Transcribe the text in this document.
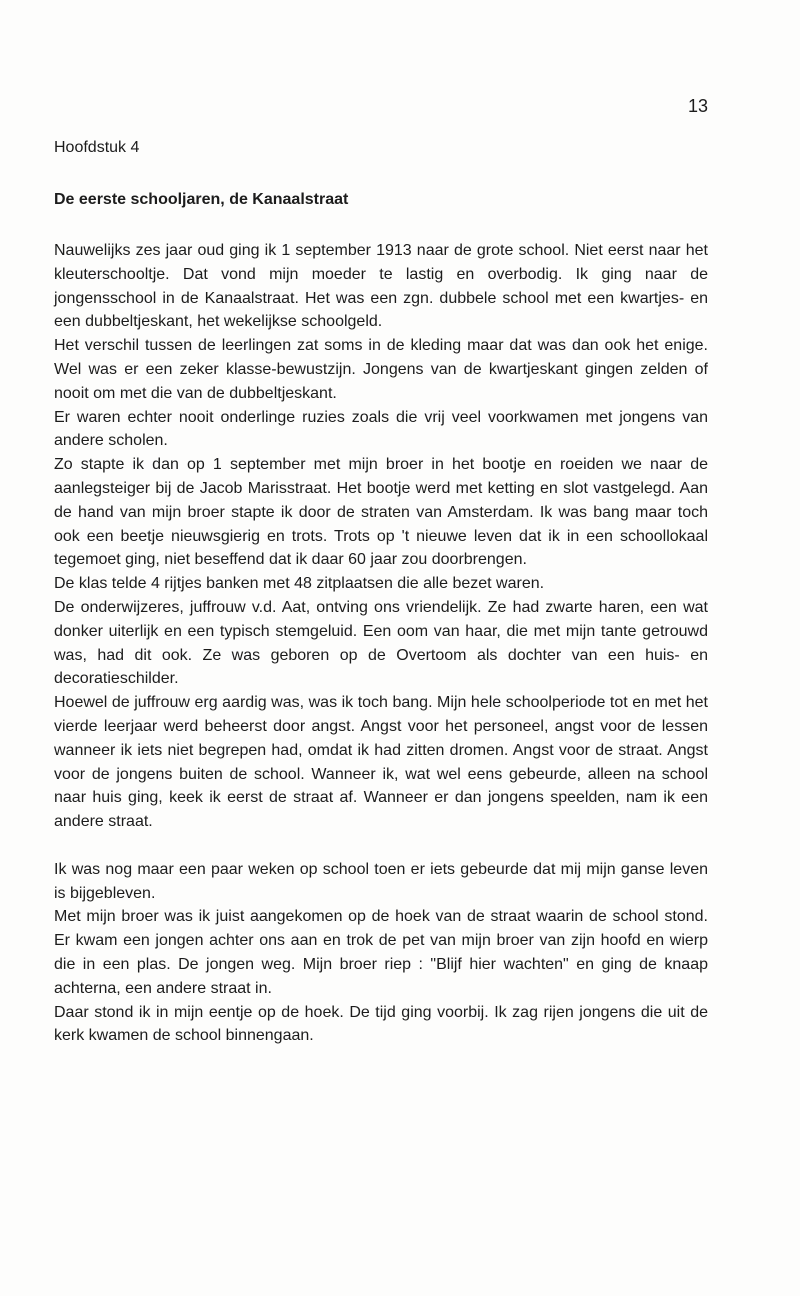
13
Hoofdstuk 4
De eerste schooljaren, de Kanaalstraat

Nauwelijks zes jaar oud ging ik 1 september 1913 naar de grote school. Niet eerst naar het kleuterschooltje. Dat vond mijn moeder te lastig en overbodig. Ik ging naar de jongensschool in de Kanaalstraat. Het was een zgn. dubbele school met een kwartjes- en een dubbeltjeskant, het wekelijkse schoolgeld.

Het verschil tussen de leerlingen zat soms in de kleding maar dat was dan ook het enige. Wel was er een zeker klasse-bewustzijn. Jongens van de kwartjeskant gingen zelden of nooit om met die van de dubbeltjeskant.

Er waren echter nooit onderlinge ruzies zoals die vrij veel voorkwamen met jongens van andere scholen.

Zo stapte ik dan op 1 september met mijn broer in het bootje en roeiden we naar de aanlegsteiger bij de Jacob Marisstraat. Het bootje werd met ketting en slot vastgelegd. Aan de hand van mijn broer stapte ik door de straten van Amsterdam. Ik was bang maar toch ook een beetje nieuwsgierig en trots. Trots op 't nieuwe leven dat ik in een schoollokaal tegemoet ging, niet beseffend dat ik daar 60 jaar zou doorbrengen.

De klas telde 4 rijtjes banken met 48 zitplaatsen die alle bezet waren.

De onderwijzeres, juffrouw v.d. Aat, ontving ons vriendelijk. Ze had zwarte haren, een wat donker uiterlijk en een typisch stemgeluid. Een oom van haar, die met mijn tante getrouwd was, had dit ook. Ze was geboren op de Overtoom als dochter van een huis- en decoratieschilder.

Hoewel de juffrouw erg aardig was, was ik toch bang. Mijn hele schoolperiode tot en met het vierde leerjaar werd beheerst door angst. Angst voor het personeel, angst voor de lessen wanneer ik iets niet begrepen had, omdat ik had zitten dromen. Angst voor de straat. Angst voor de jongens buiten de school. Wanneer ik, wat wel eens gebeurde, alleen na school naar huis ging, keek ik eerst de straat af. Wanneer er dan jongens speelden, nam ik een andere straat.

Ik was nog maar een paar weken op school toen er iets gebeurde dat mij mijn ganse leven is bijgebleven.

Met mijn broer was ik juist aangekomen op de hoek van de straat waarin de school stond. Er kwam een jongen achter ons aan en trok de pet van mijn broer van zijn hoofd en wierp die in een plas. De jongen weg. Mijn broer riep : "Blijf hier wachten" en ging de knaap achterna, een andere straat in.

Daar stond ik in mijn eentje op de hoek. De tijd ging voorbij. Ik zag rijen jongens die uit de kerk kwamen de school binnengaan.
